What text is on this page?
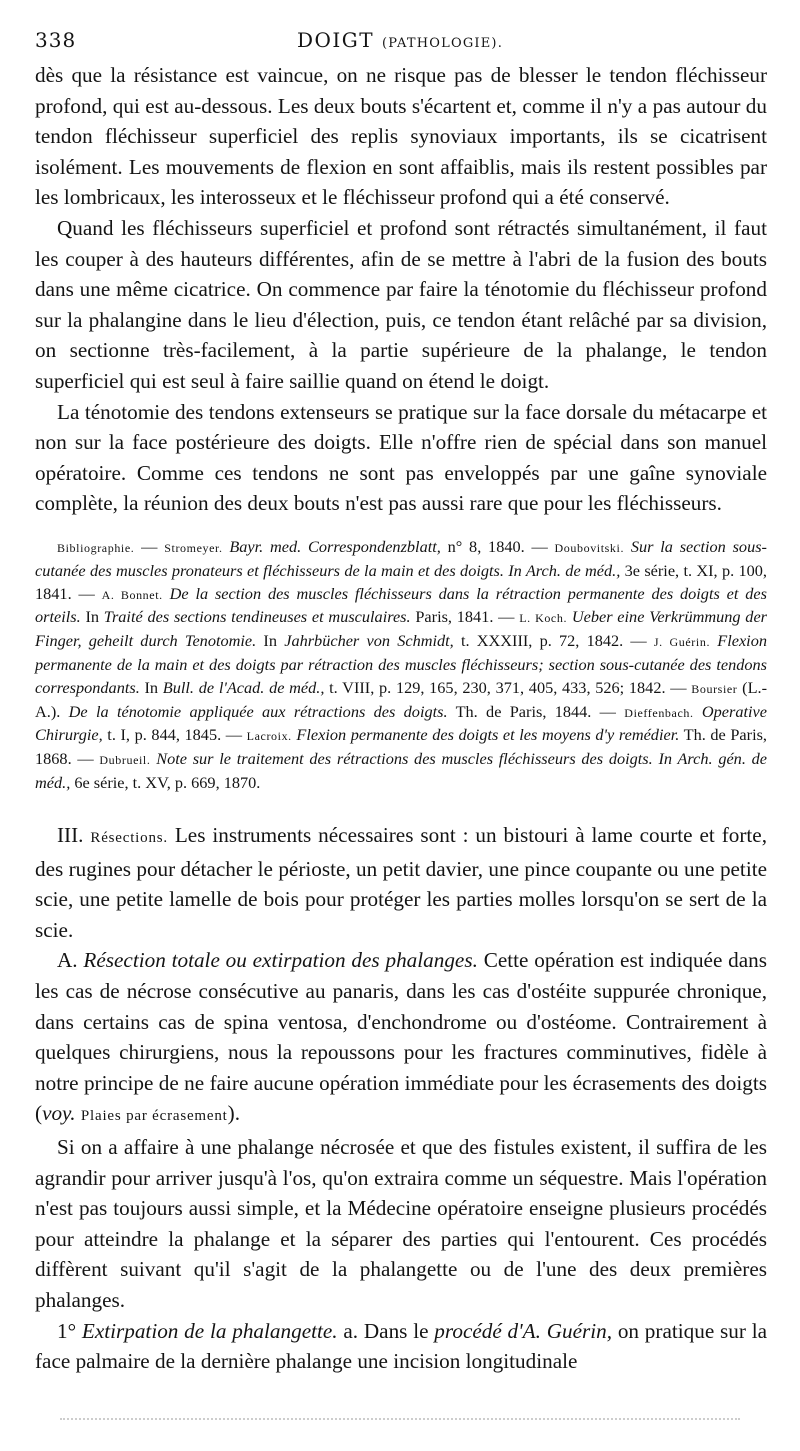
338	DOIGT (PATHOLOGIE).

dès que la résistance est vaincue, on ne risque pas de blesser le tendon fléchisseur profond, qui est au-dessous. Les deux bouts s'écartent et, comme il n'y a pas autour du tendon fléchisseur superficiel des replis synoviaux importants, ils se cicatrisent isolément. Les mouvements de flexion en sont affaiblis, mais ils restent possibles par les lombricaux, les interosseux et le fléchisseur profond qui a été conservé.

Quand les fléchisseurs superficiel et profond sont rétractés simultanément, il faut les couper à des hauteurs différentes, afin de se mettre à l'abri de la fusion des bouts dans une même cicatrice. On commence par faire la ténotomie du fléchisseur profond sur la phalangine dans le lieu d'élection, puis, ce tendon étant relâché par sa division, on sectionne très-facilement, à la partie supérieure de la phalange, le tendon superficiel qui est seul à faire saillie quand on étend le doigt.

La ténotomie des tendons extenseurs se pratique sur la face dorsale du métacarpe et non sur la face postérieure des doigts. Elle n'offre rien de spécial dans son manuel opératoire. Comme ces tendons ne sont pas enveloppés par une gaîne synoviale complète, la réunion des deux bouts n'est pas aussi rare que pour les fléchisseurs.

Bibliographie. — Stromeyer. Bayr. med. Correspondenzblatt, n° 8, 1840. — Doubovitski. Sur la section sous-cutanée des muscles pronateurs et fléchisseurs de la main et des doigts. In Arch. de méd., 3e série, t. XI, p. 100, 1841. — A. Bonnet. De la section des muscles fléchisseurs dans la rétraction permanente des doigts et des orteils. In Traité des sections tendineuses et musculaires. Paris, 1841. — L. Koch. Ueber eine Verkrümmung der Finger, geheilt durch Tenotomie. In Jahrbücher von Schmidt, t. XXXIII, p. 72, 1842. — J. Guérin. Flexion permanente de la main et des doigts par rétraction des muscles fléchisseurs; section sous-cutanée des tendons correspondants. In Bull. de l'Acad. de méd., t. VIII, p. 129, 165, 230, 371, 405, 433, 526; 1842. — Boursier (L.-A.). De la ténotomie appliquée aux rétractions des doigts. Th. de Paris, 1844. — Dieffenbach. Operative Chirurgie, t. I, p. 844, 1845. — Lacroix. Flexion permanente des doigts et les moyens d'y remédier. Th. de Paris, 1868. — Dubrueil. Note sur le traitement des rétractions des muscles fléchisseurs des doigts. In Arch. gén. de méd., 6e série, t. XV, p. 669, 1870.

III. Résections. Les instruments nécessaires sont : un bistouri à lame courte et forte, des rugines pour détacher le périoste, un petit davier, une pince coupante ou une petite scie, une petite lamelle de bois pour protéger les parties molles lorsqu'on se sert de la scie.

A. Résection totale ou extirpation des phalanges. Cette opération est indiquée dans les cas de nécrose consécutive au panaris, dans les cas d'ostéite suppurée chronique, dans certains cas de spina ventosa, d'enchondrome ou d'ostéome. Contrairement à quelques chirurgiens, nous la repoussons pour les fractures comminutives, fidèle à notre principe de ne faire aucune opération immédiate pour les écrasements des doigts (voy. Plaies par écrasement).

Si on a affaire à une phalange nécrosée et que des fistules existent, il suffira de les agrandir pour arriver jusqu'à l'os, qu'on extraira comme un séquestre. Mais l'opération n'est pas toujours aussi simple, et la Médecine opératoire enseigne plusieurs procédés pour atteindre la phalange et la séparer des parties qui l'entourent. Ces procédés diffèrent suivant qu'il s'agit de la phalangette ou de l'une des deux premières phalanges.

1° Extirpation de la phalangette. a. Dans le procédé d'A. Guérin, on pratique sur la face palmaire de la dernière phalange une incision longitudinale
